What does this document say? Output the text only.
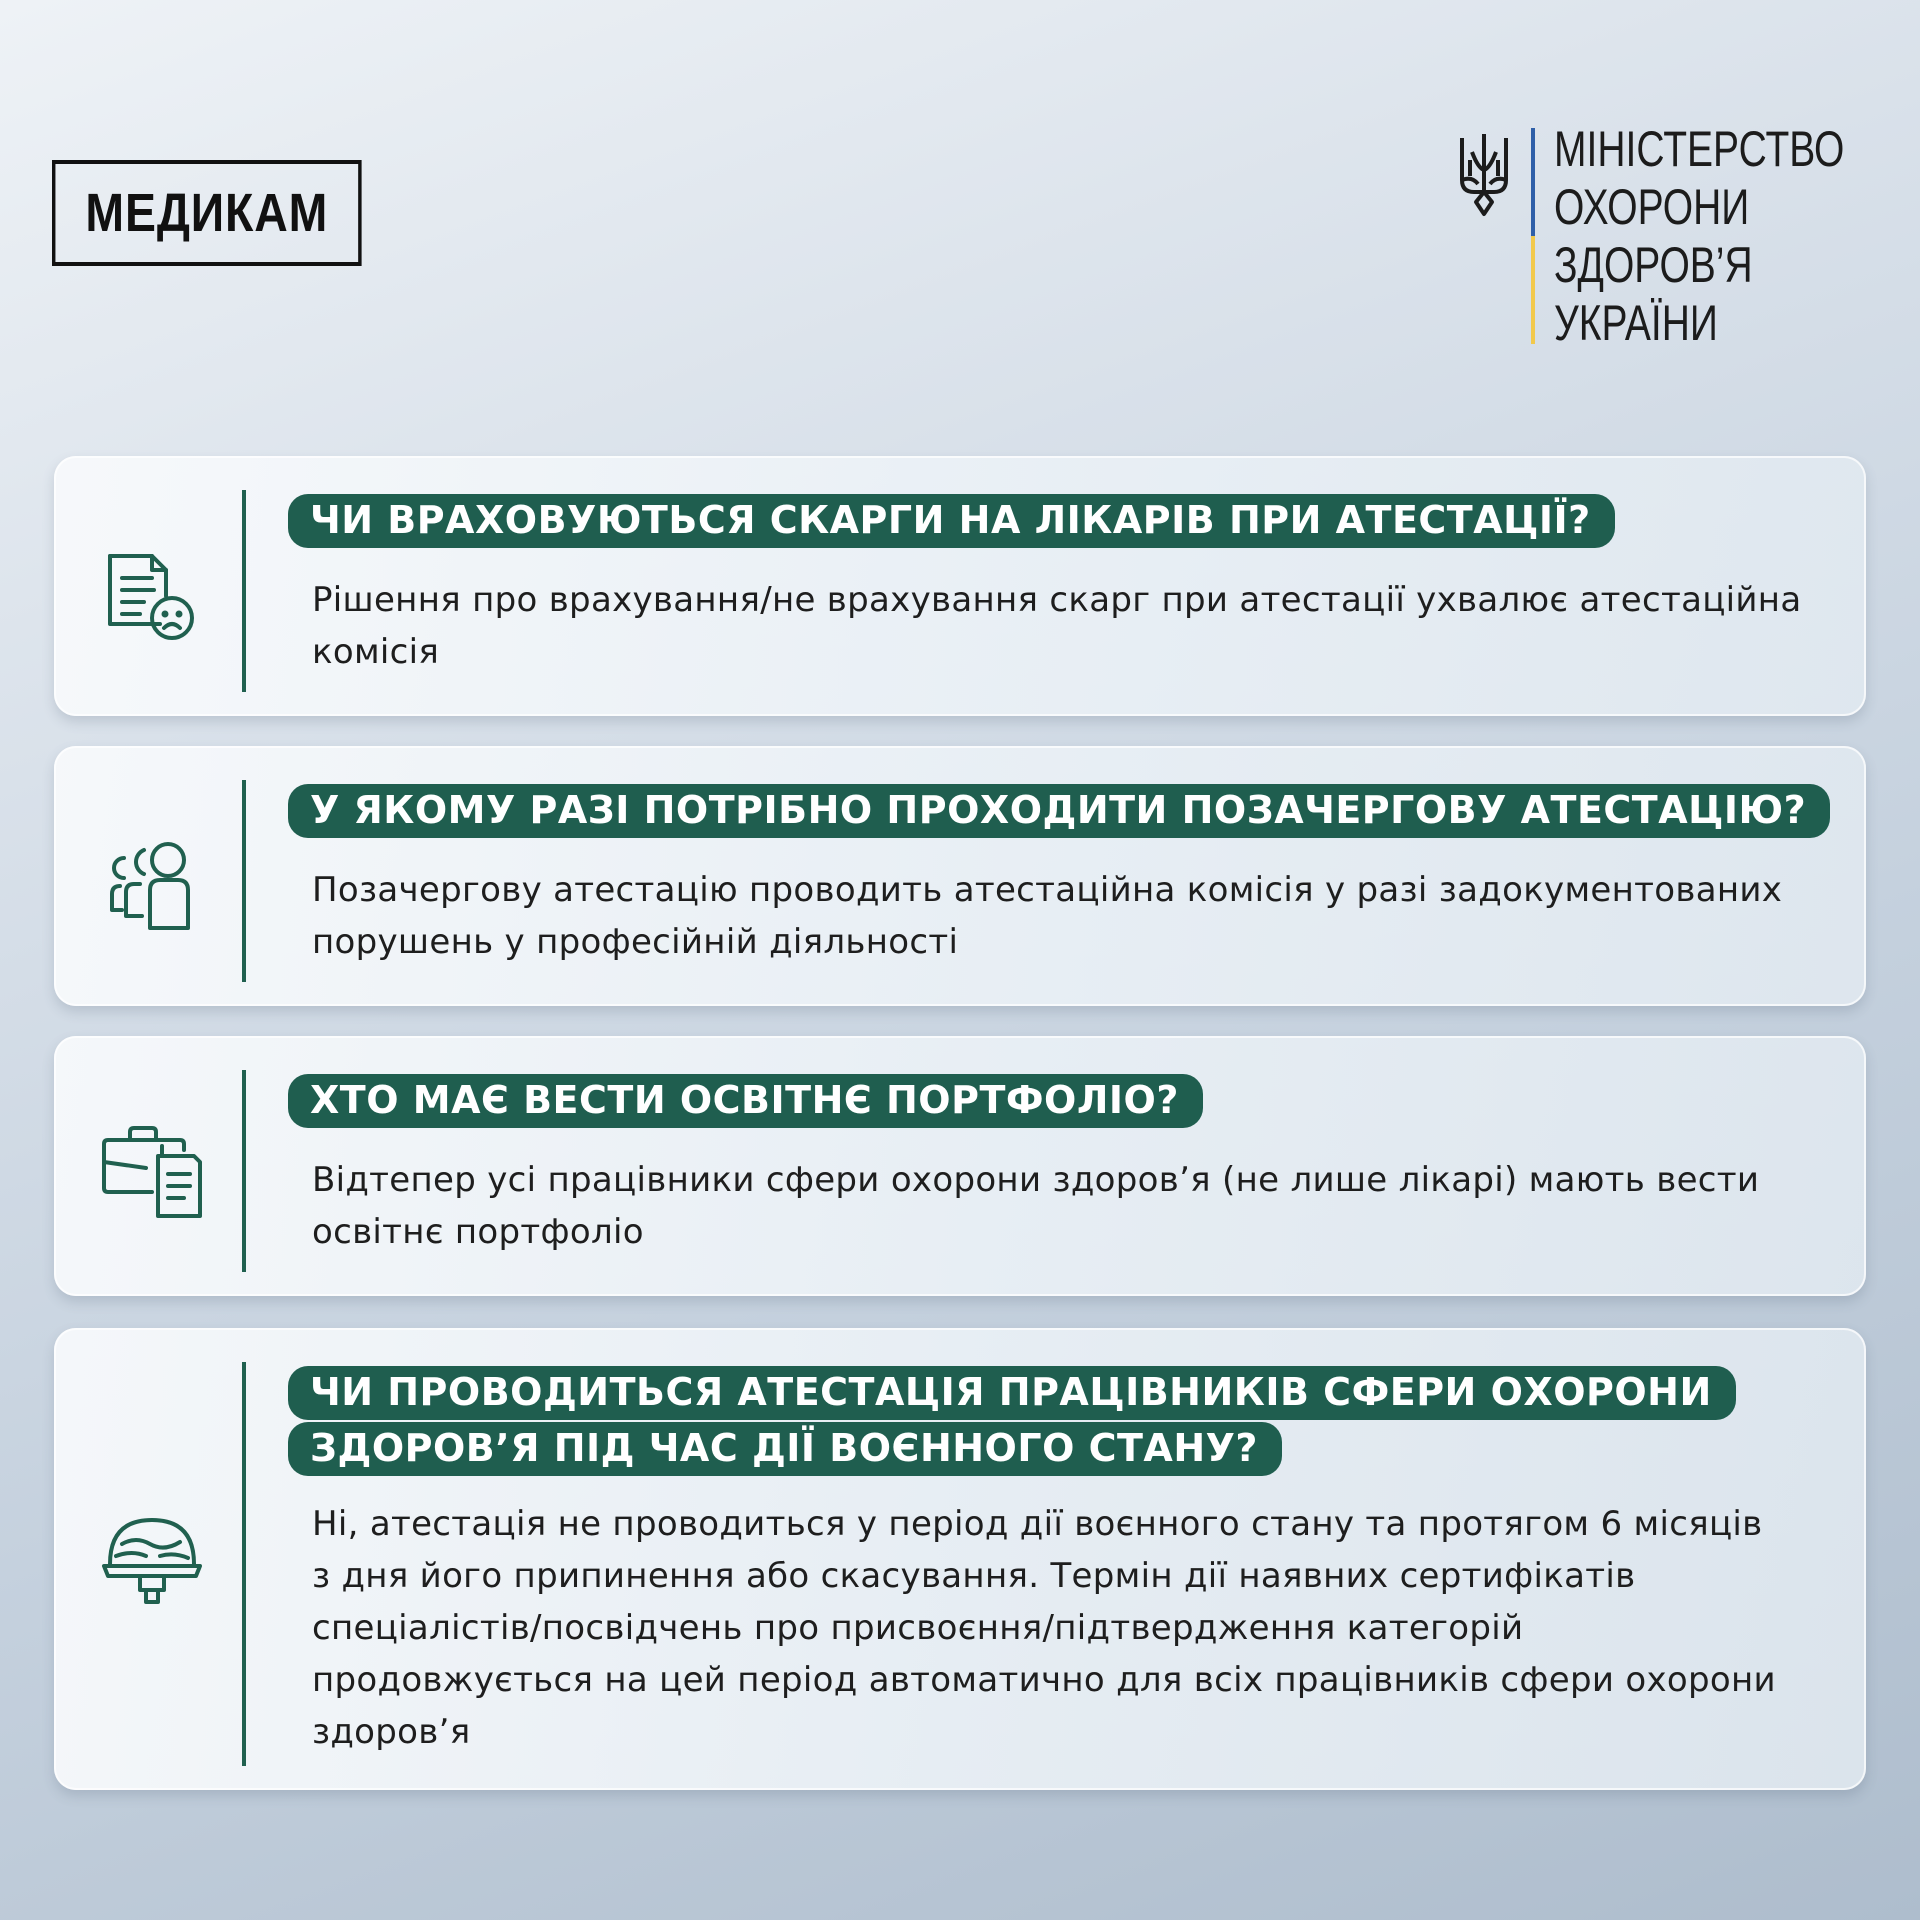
МЕДИКАМ
МІНІСТЕРСТВО
ОХОРОНИ
ЗДОРОВ’Я
УКРАЇНИ
ЧИ ВРАХОВУЮТЬСЯ СКАРГИ НА ЛІКАРІВ ПРИ АТЕСТАЦІЇ?
Рішення про врахування/не врахування скарг при атестації ухвалює атестаційна
комісія
У ЯКОМУ РАЗІ ПОТРІБНО ПРОХОДИТИ ПОЗАЧЕРГОВУ АТЕСТАЦІЮ?
Позачергову атестацію проводить атестаційна комісія у разі задокументованих
порушень у професійній діяльності
ХТО МАЄ ВЕСТИ ОСВІТНЄ ПОРТФОЛІО?
Відтепер усі працівники сфери охорони здоров’я (не лише лікарі) мають вести
освітнє портфоліо
ЧИ ПРОВОДИТЬСЯ АТЕСТАЦІЯ ПРАЦІВНИКІВ СФЕРИ ОХОРОНИ
ЗДОРОВ’Я ПІД ЧАС ДІЇ ВОЄННОГО СТАНУ?
Ні, атестація не проводиться у період дії воєнного стану та протягом 6 місяців
з дня його припинення або скасування. Термін дії наявних сертифікатів
спеціалістів/посвідчень про присвоєння/підтвердження категорій
продовжується на цей період автоматично для всіх працівників сфери охорони
здоров’я
